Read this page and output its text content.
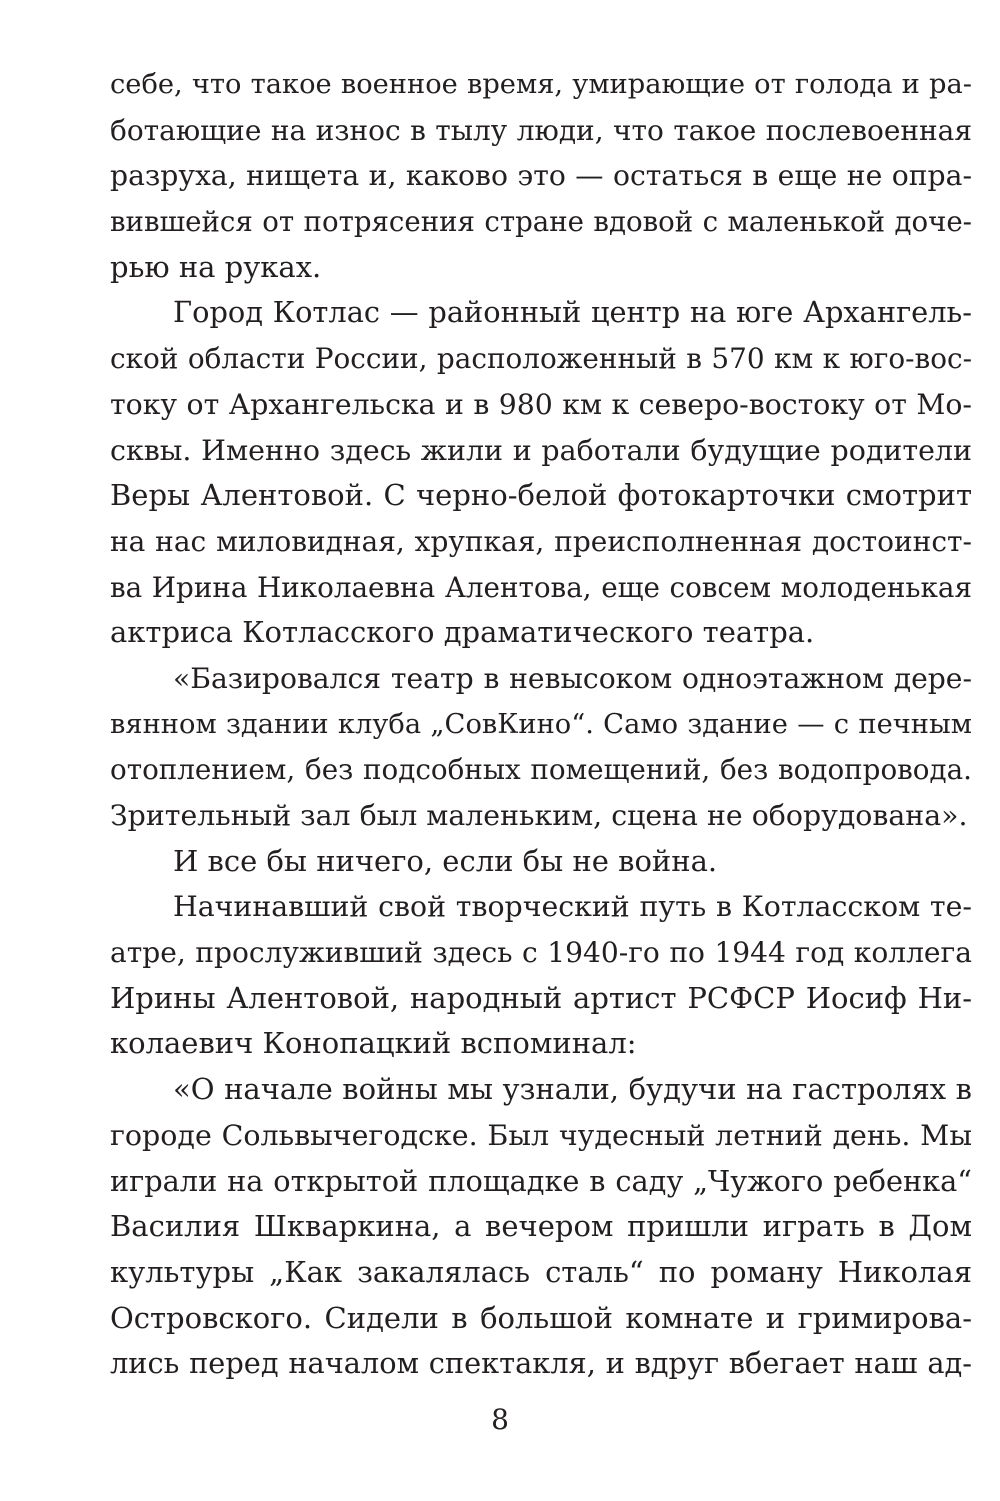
себе, что такое военное время, умирающие от голода и ра-
ботающие на износ в тылу люди, что такое послевоенная
разруха, нищета и, каково это — остаться в еще не опра-
вившейся от потрясения стране вдовой с маленькой доче-
рью на руках.
Город Котлас — районный центр на юге Архангель-
ской области России, расположенный в 570 км к юго-вос-
току от Архангельска и в 980 км к северо-востоку от Мо-
сквы. Именно здесь жили и работали будущие родители
Веры Алентовой. С черно-белой фотокарточки смотрит
на нас миловидная, хрупкая, преисполненная достоинст-
ва Ирина Николаевна Алентова, еще совсем молоденькая
актриса Котласского драматического театра.
«Базировался театр в невысоком одноэтажном дере-
вянном здании клуба „СовКино“. Само здание — с печным
отоплением, без подсобных помещений, без водопровода.
Зрительный зал был маленьким, сцена не оборудована».
И все бы ничего, если бы не война.
Начинавший свой творческий путь в Котласском те-
атре, прослуживший здесь с 1940-го по 1944 год коллега
Ирины Алентовой, народный артист РСФСР Иосиф Ни-
колаевич Конопацкий вспоминал:
«О начале войны мы узнали, будучи на гастролях в
городе Сольвычегодске. Был чудесный летний день. Мы
играли на открытой площадке в саду „Чужого ребенка“
Василия Шкваркина, а вечером пришли играть в Дом
культуры „Как закалялась сталь“ по роману Николая
Островского. Сидели в большой комнате и гримирова-
лись перед началом спектакля, и вдруг вбегает наш ад-
8
